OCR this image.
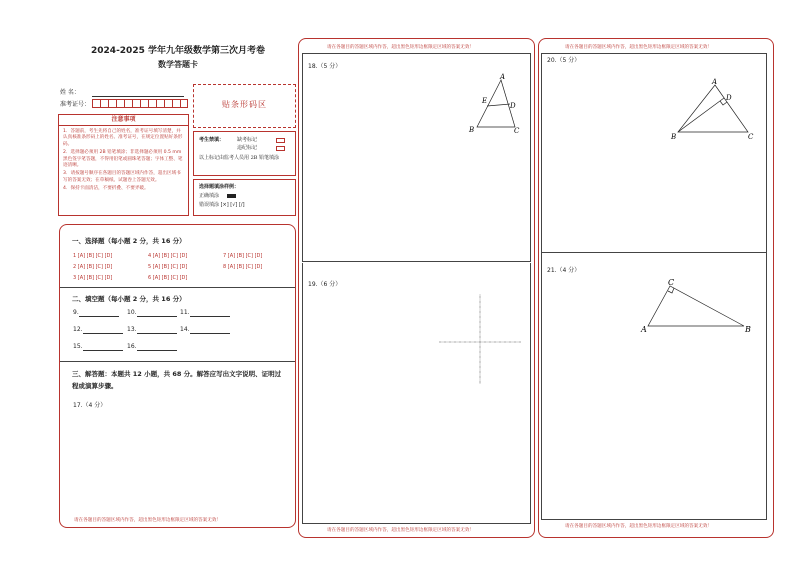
2024-2025 学年九年级数学第三次月考卷
数学答题卡
姓 名：
准考证号：
注意事项
1．答题前，考生先将自己的姓名，准考证号填写清楚，并认真核准条形码上的姓名、准考证号，在规定位置贴好条形码。
2．选择题必须用 2B 铅笔填涂；非选择题必须用 0.5 mm 黑色签字笔答题，不得用铅笔或圆珠笔答题；字体工整、笔迹清晰。
3．请按题号顺序在各题目的答题区域内作答，超出区域书写的答案无效；在草稿纸、试题卷上答题无效。
4．保持卡面清洁，不要折叠、不要弄破。
贴条形码区
考生禁填：	缺考标记
违纪标记
以上标记由监考人员用 2B 铅笔填涂
选择题填涂样例：
正确填涂
错误填涂 [×] [√] [/]
一、选择题（每小题 2 分，共 16 分）
1 [A] [B] [C] [D]	4 [A] [B] [C] [D]	7 [A] [B] [C] [D]
2 [A] [B] [C] [D]	5 [A] [B] [C] [D]	8 [A] [B] [C] [D]
3 [A] [B] [C] [D]	6 [A] [B] [C] [D]
二、填空题（每小题 2 分，共 16 分）
9.	10.	11.
12.	13.	14.
15.	16.
三、解答题：本题共 12 小题，共 68 分。解答应写出文字说明、证明过程或演算步骤。
17.（4 分）
请在各题目的答题区域内作答，超出黑色矩形边框限定区域的答案无效！
请在各题目的答题区域内作答，超出黑色矩形边框限定区域的答案无效！
18.（5 分）
A
B	C
D
E
19.（6 分）
请在各题目的答题区域内作答，超出黑色矩形边框限定区域的答案无效！
请在各题目的答题区域内作答，超出黑色矩形边框限定区域的答案无效！
20.（5 分）
A
B	C
D
21.（4 分）
C
A	B
请在各题目的答题区域内作答，超出黑色矩形边框限定区域的答案无效！
